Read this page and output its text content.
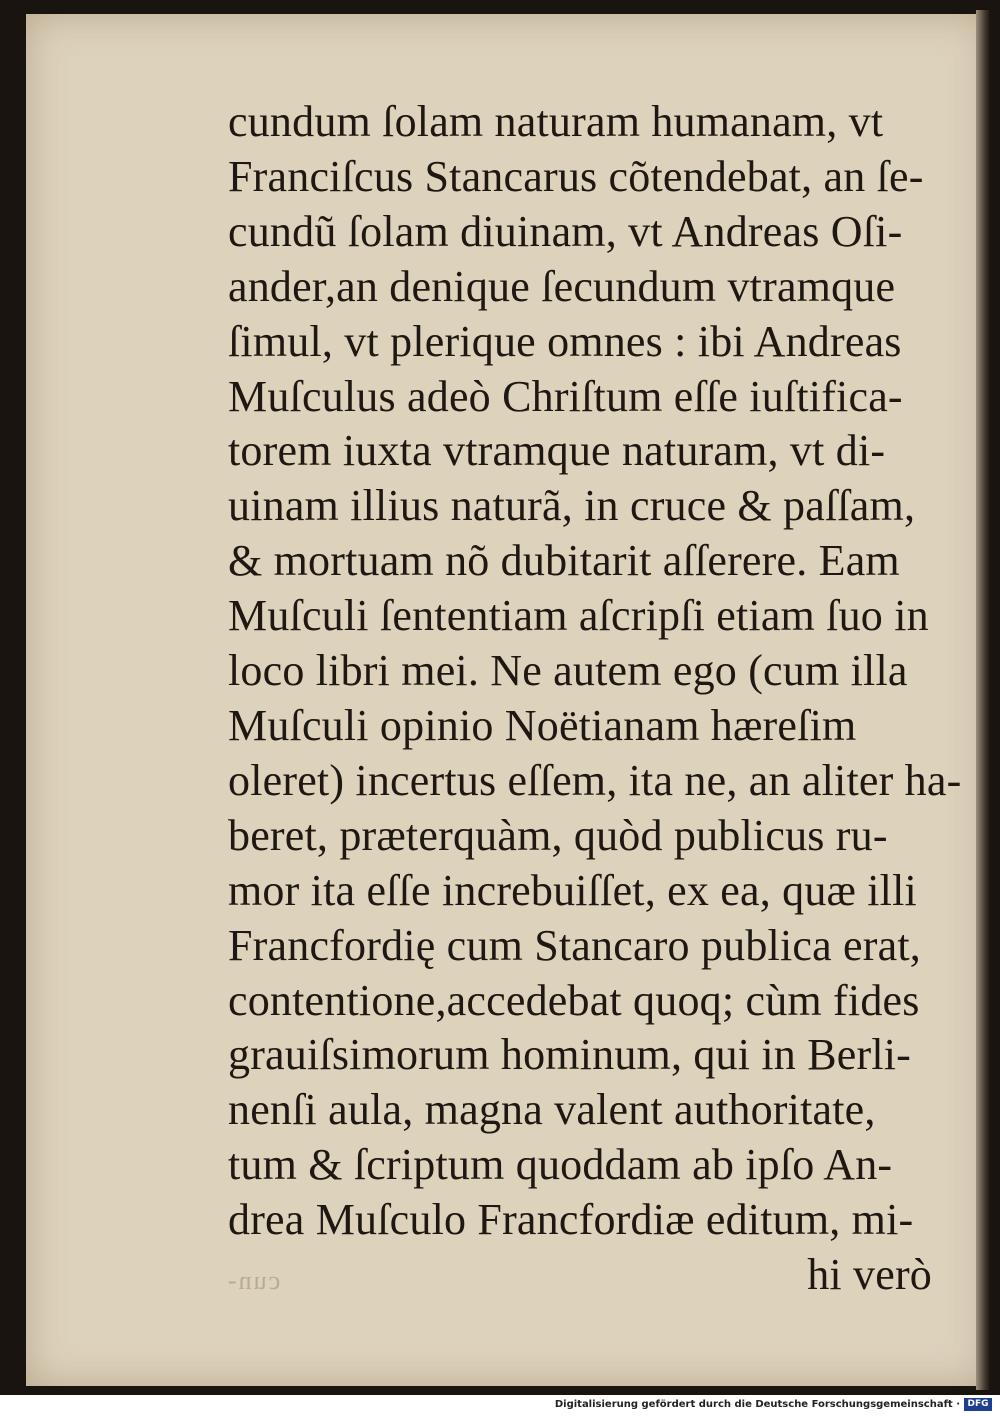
cun-
cundum ſolam naturam humanam, vt
Franciſcus Stancarus cõtendebat, an ſe-
cundũ ſolam diuinam, vt Andreas Oſi-
ander,an denique ſecundum vtramque
ſimul, vt plerique omnes : ibi Andreas
Muſculus adeò Chriſtum eſſe iuſtifica-
torem iuxta vtramque naturam, vt di-
uinam illius naturã, in cruce & paſſam,
& mortuam nõ dubitarit aſſerere. Eam
Muſculi ſententiam aſcripſi etiam ſuo in
loco libri mei. Ne autem ego (cum illa
Muſculi opinio Noëtianam hæreſim
oleret) incertus eſſem, ita ne, an aliter ha-
beret, præterquàm, quòd publicus ru-
mor ita eſſe increbuiſſet, ex ea, quæ illi
Francfordię cum Stancaro publica erat,
contentione,accedebat quoq; cùm fides
grauiſsimorum hominum, qui in Berli-
nenſi aula, magna valent authoritate,
tum & ſcriptum quoddam ab ipſo An-
drea Muſculo Francfordiæ editum, mi-
hi verò
Digitalisierung gefördert durch die Deutsche Forschungsgemeinschaft · DFG
